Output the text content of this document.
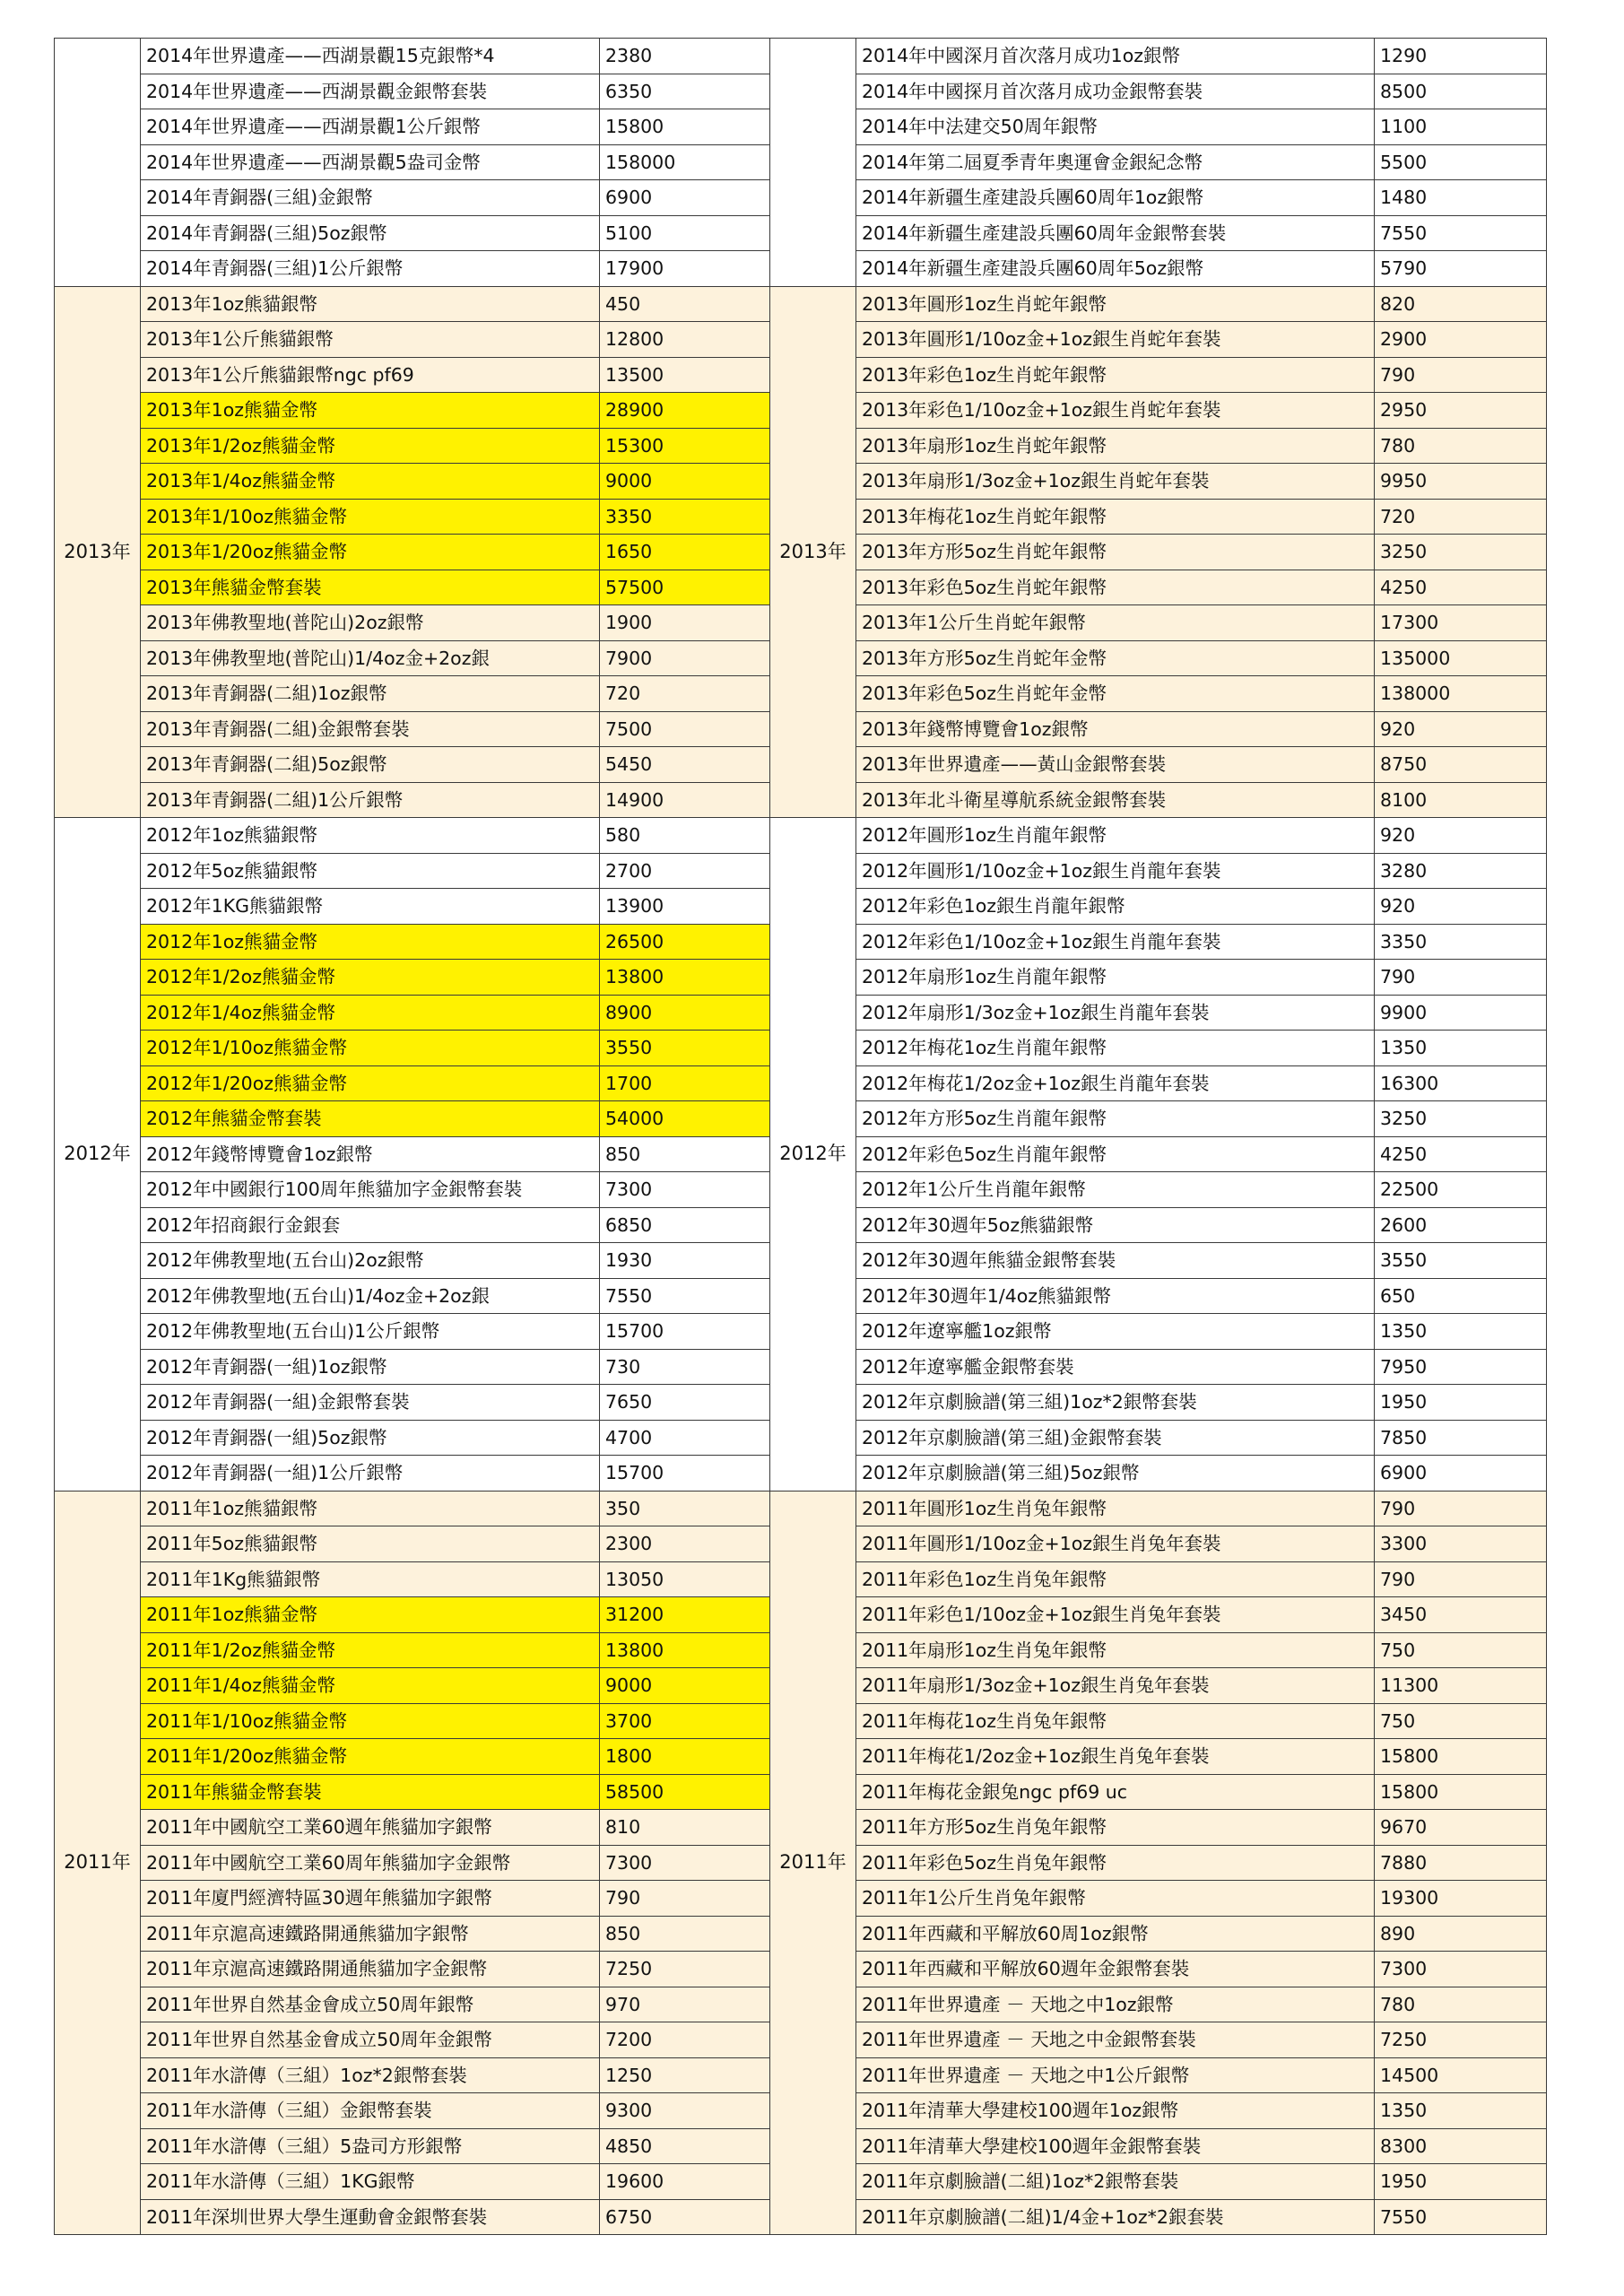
	2014年世界遺產——西湖景觀15克銀幣*4	2380
	2014年世界遺產——西湖景觀金銀幣套裝	6350
	2014年世界遺產——西湖景觀1公斤銀幣	15800
	2014年世界遺產——西湖景觀5盎司金幣	158000
	2014年青銅器(三組)金銀幣	6900
	2014年青銅器(三組)5oz銀幣	5100
	2014年青銅器(三組)1公斤銀幣	17900
2013年	2013年1oz熊貓銀幣	450
	2013年1公斤熊貓銀幣	12800
	2013年1公斤熊貓銀幣ngc pf69	13500
	2013年1oz熊貓金幣	28900
	2013年1/2oz熊貓金幣	15300
	2013年1/4oz熊貓金幣	9000
	2013年1/10oz熊貓金幣	3350
	2013年1/20oz熊貓金幣	1650
	2013年熊貓金幣套裝	57500
	2013年佛教聖地(普陀山)2oz銀幣	1900
	2013年佛教聖地(普陀山)1/4oz金+2oz銀	7900
	2013年青銅器(二組)1oz銀幣	720
	2013年青銅器(二組)金銀幣套裝	7500
	2013年青銅器(二組)5oz銀幣	5450
	2013年青銅器(二組)1公斤銀幣	14900
2012年	2012年1oz熊貓銀幣	580
	2012年5oz熊貓銀幣	2700
	2012年1KG熊貓銀幣	13900
	2012年1oz熊貓金幣	26500
	2012年1/2oz熊貓金幣	13800
	2012年1/4oz熊貓金幣	8900
	2012年1/10oz熊貓金幣	3550
	2012年1/20oz熊貓金幣	1700
	2012年熊貓金幣套裝	54000
	2012年錢幣博覽會1oz銀幣	850
	2012年中國銀行100周年熊貓加字金銀幣套裝	7300
	2012年招商銀行金銀套	6850
	2012年佛教聖地(五台山)2oz銀幣	1930
	2012年佛教聖地(五台山)1/4oz金+2oz銀	7550
	2012年佛教聖地(五台山)1公斤銀幣	15700
	2012年青銅器(一組)1oz銀幣	730
	2012年青銅器(一組)金銀幣套裝	7650
	2012年青銅器(一組)5oz銀幣	4700
	2012年青銅器(一組)1公斤銀幣	15700
2011年	2011年1oz熊貓銀幣	350
	2011年5oz熊貓銀幣	2300
	2011年1Kg熊貓銀幣	13050
	2011年1oz熊貓金幣	31200
	2011年1/2oz熊貓金幣	13800
	2011年1/4oz熊貓金幣	9000
	2011年1/10oz熊貓金幣	3700
	2011年1/20oz熊貓金幣	1800
	2011年熊貓金幣套裝	58500
	2011年中國航空工業60週年熊貓加字銀幣	810
	2011年中國航空工業60周年熊貓加字金銀幣	7300
	2011年廈門經濟特區30週年熊貓加字銀幣	790
	2011年京滬高速鐵路開通熊貓加字銀幣	850
	2011年京滬高速鐵路開通熊貓加字金銀幣	7250
	2011年世界自然基金會成立50周年銀幣	970
	2011年世界自然基金會成立50周年金銀幣	7200
	2011年水滸傳（三組）1oz*2銀幣套裝	1250
	2011年水滸傳（三組）金銀幣套裝	9300
	2011年水滸傳（三組）5盎司方形銀幣	4850
	2011年水滸傳（三組）1KG銀幣	19600
	2011年深圳世界大學生運動會金銀幣套裝	6750
	2014年中國深月首次落月成功1oz銀幣	1290
	2014年中國探月首次落月成功金銀幣套裝	8500
	2014年中法建交50周年銀幣	1100
	2014年第二屆夏季青年奧運會金銀紀念幣	5500
	2014年新疆生產建設兵團60周年1oz銀幣	1480
	2014年新疆生產建設兵團60周年金銀幣套裝	7550
	2014年新疆生產建設兵團60周年5oz銀幣	5790
2013年	2013年圓形1oz生肖蛇年銀幣	820
	2013年圓形1/10oz金+1oz銀生肖蛇年套裝	2900
	2013年彩色1oz生肖蛇年銀幣	790
	2013年彩色1/10oz金+1oz銀生肖蛇年套裝	2950
	2013年扇形1oz生肖蛇年銀幣	780
	2013年扇形1/3oz金+1oz銀生肖蛇年套裝	9950
	2013年梅花1oz生肖蛇年銀幣	720
	2013年方形5oz生肖蛇年銀幣	3250
	2013年彩色5oz生肖蛇年銀幣	4250
	2013年1公斤生肖蛇年銀幣	17300
	2013年方形5oz生肖蛇年金幣	135000
	2013年彩色5oz生肖蛇年金幣	138000
	2013年錢幣博覽會1oz銀幣	920
	2013年世界遺產——黃山金銀幣套裝	8750
	2013年北斗衛星導航系統金銀幣套裝	8100
2012年	2012年圓形1oz生肖龍年銀幣	920
	2012年圓形1/10oz金+1oz銀生肖龍年套裝	3280
	2012年彩色1oz銀生肖龍年銀幣	920
	2012年彩色1/10oz金+1oz銀生肖龍年套裝	3350
	2012年扇形1oz生肖龍年銀幣	790
	2012年扇形1/3oz金+1oz銀生肖龍年套裝	9900
	2012年梅花1oz生肖龍年銀幣	1350
	2012年梅花1/2oz金+1oz銀生肖龍年套裝	16300
	2012年方形5oz生肖龍年銀幣	3250
	2012年彩色5oz生肖龍年銀幣	4250
	2012年1公斤生肖龍年銀幣	22500
	2012年30週年5oz熊貓銀幣	2600
	2012年30週年熊貓金銀幣套裝	3550
	2012年30週年1/4oz熊貓銀幣	650
	2012年遼寧艦1oz銀幣	1350
	2012年遼寧艦金銀幣套裝	7950
	2012年京劇臉譜(第三組)1oz*2銀幣套裝	1950
	2012年京劇臉譜(第三組)金銀幣套裝	7850
	2012年京劇臉譜(第三組)5oz銀幣	6900
2011年	2011年圓形1oz生肖兔年銀幣	790
	2011年圓形1/10oz金+1oz銀生肖兔年套裝	3300
	2011年彩色1oz生肖兔年銀幣	790
	2011年彩色1/10oz金+1oz銀生肖兔年套裝	3450
	2011年扇形1oz生肖兔年銀幣	750
	2011年扇形1/3oz金+1oz銀生肖兔年套裝	11300
	2011年梅花1oz生肖兔年銀幣	750
	2011年梅花1/2oz金+1oz銀生肖兔年套裝	15800
	2011年梅花金銀兔ngc pf69 uc	15800
	2011年方形5oz生肖兔年銀幣	9670
	2011年彩色5oz生肖兔年銀幣	7880
	2011年1公斤生肖兔年銀幣	19300
	2011年西藏和平解放60周1oz銀幣	890
	2011年西藏和平解放60週年金銀幣套裝	7300
	2011年世界遺產 － 天地之中1oz銀幣	780
	2011年世界遺產 － 天地之中金銀幣套裝	7250
	2011年世界遺產 － 天地之中1公斤銀幣	14500
	2011年清華大學建校100週年1oz銀幣	1350
	2011年清華大學建校100週年金銀幣套裝	8300
	2011年京劇臉譜(二組)1oz*2銀幣套裝	1950
	2011年京劇臉譜(二組)1/4金+1oz*2銀套裝	7550
